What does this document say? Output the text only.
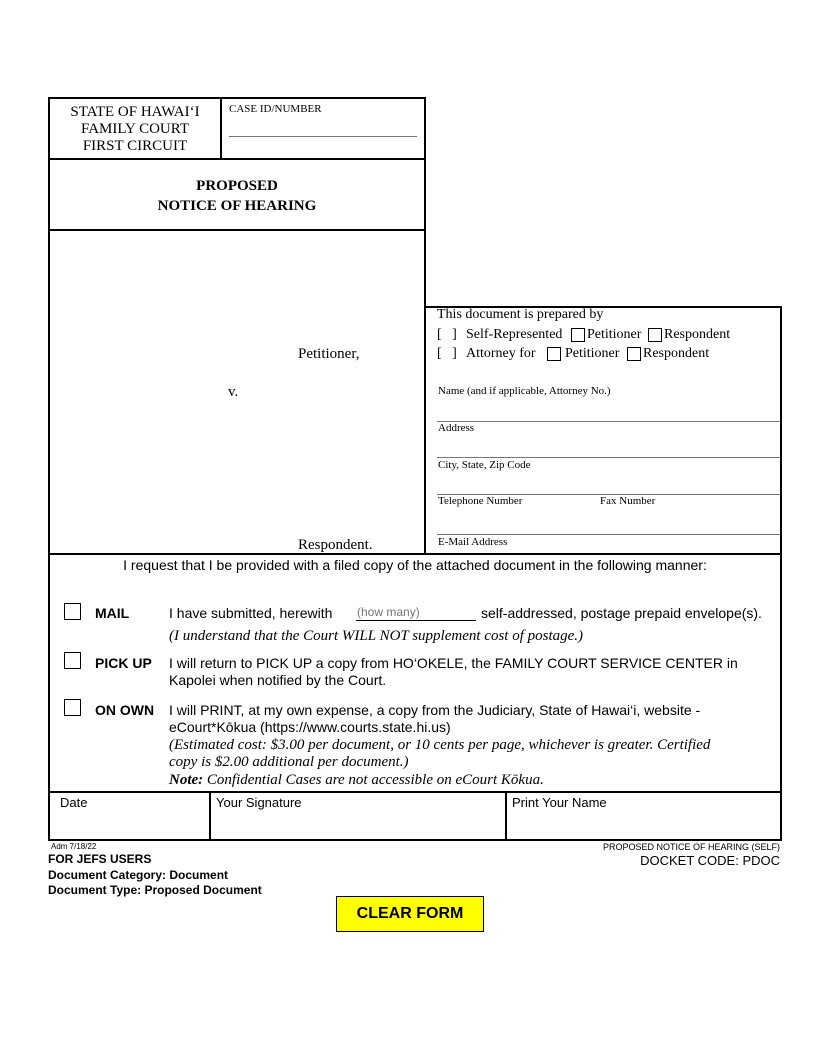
STATE OF HAWAI‘I
FAMILY COURT
FIRST CIRCUIT
CASE ID/NUMBER
PROPOSED
NOTICE OF HEARING
Petitioner,
v.
Respondent.
This document is prepared by
[   ] Self-Represented Petitioner Respondent
[   ] Attorney for Petitioner Respondent
Name (and if applicable, Attorney No.)
Address
City, State, Zip Code
Telephone Number	Fax Number
E-Mail Address
I request that I be provided with a filed copy of the attached document in the following manner:
MAIL	I have submitted, herewith
(how many)	self-addressed, postage prepaid envelope(s).
(I understand that the Court WILL NOT supplement cost of postage.)
PICK UP I will return to PICK UP a copy from HO‘OKELE, the FAMILY COURT SERVICE CENTER in
Kapolei when notified by the Court.
ON OWN I will PRINT, at my own expense, a copy from the Judiciary, State of Hawai‘i, website -
eCourt*Kōkua (https://www.courts.state.hi.us)
(Estimated cost: $3.00 per document, or 10 cents per page, whichever is greater. Certified
copy is $2.00 additional per document.)
Note: Confidential Cases are not accessible on eCourt Kōkua.
Date	Your Signature	Print Your Name
Adm 7/18/22	PROPOSED NOTICE OF HEARING (SELF)
FOR JEFS USERS
Document Category: Document
Document Type: Proposed Document
DOCKET CODE: PDOC
CLEAR FORM
